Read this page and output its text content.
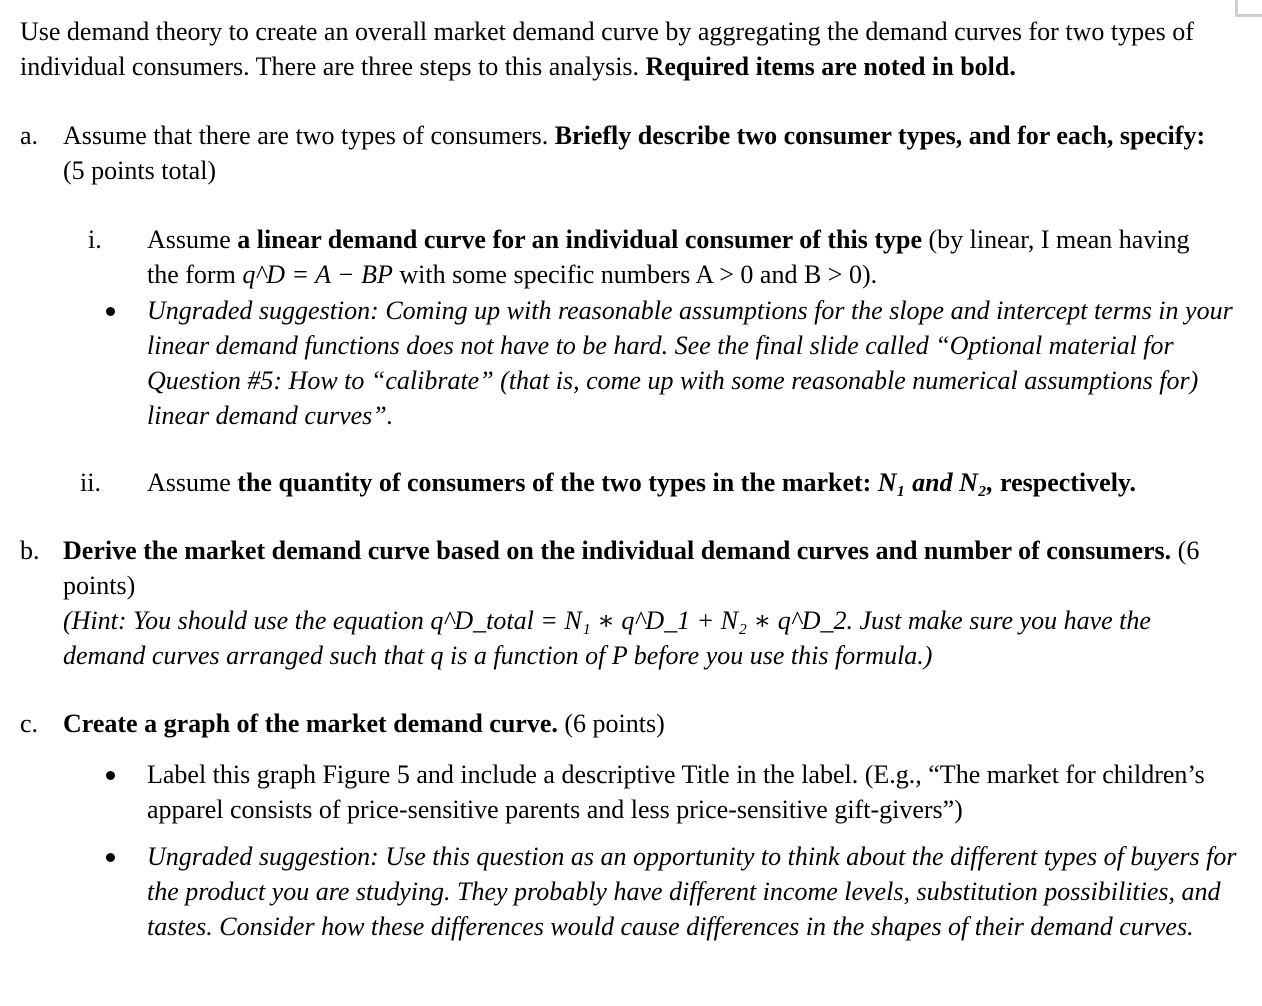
Use demand theory to create an overall market demand curve by aggregating the demand curves for two types of individual consumers. There are three steps to this analysis. Required items are noted in bold.
a. Assume that there are two types of consumers. Briefly describe two consumer types, and for each, specify: (5 points total)
i. Assume a linear demand curve for an individual consumer of this type (by linear, I mean having the form q^D = A − BP with some specific numbers A > 0 and B > 0).
Ungraded suggestion: Coming up with reasonable assumptions for the slope and intercept terms in your linear demand functions does not have to be hard. See the final slide called “Optional material for Question #5: How to “calibrate” (that is, come up with some reasonable numerical assumptions for) linear demand curves”.
ii. Assume the quantity of consumers of the two types in the market: N₁ and N₂, respectively.
b. Derive the market demand curve based on the individual demand curves and number of consumers. (6 points)
(Hint: You should use the equation q^D_total = N₁ ∗ q^D_1 + N₂ ∗ q^D_2. Just make sure you have the demand curves arranged such that q is a function of P before you use this formula.)
c. Create a graph of the market demand curve. (6 points)
Label this graph Figure 5 and include a descriptive Title in the label. (E.g., “The market for children’s apparel consists of price-sensitive parents and less price-sensitive gift-givers”)
Ungraded suggestion: Use this question as an opportunity to think about the different types of buyers for the product you are studying. They probably have different income levels, substitution possibilities, and tastes. Consider how these differences would cause differences in the shapes of their demand curves.
